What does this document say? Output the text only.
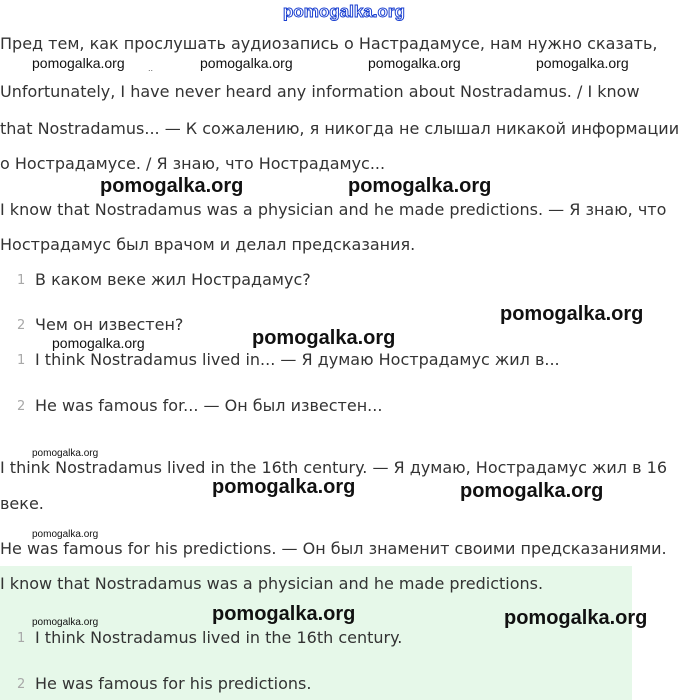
pomogalka.org
Пред тем, как прослушать аудиозапись о Настрадамусе, нам нужно сказать,
pomogalka.org	pomogalka.org	pomogalka.org	pomogalka.org
..
Unfortunately, I have never heard any information about Nostradamus. / I know
that Nostradamus... — К сожалению, я никогда не слышал никакой информации
о Нострадамусе. / Я знаю, что Нострадамус...
pomogalka.org	pomogalka.org
I know that Nostradamus was a physician and he made predictions. — Я знаю, что
Нострадамус был врачом и делал предсказания.
1 В каком веке жил Нострадамус?
pomogalka.org
2 Чем он известен?
pomogalka.org
pomogalka.org
1 I think Nostradamus lived in... — Я думаю Нострадамус жил в...
2 He was famous for... — Он был известен...
pomogalka.org
I think Nostradamus lived in the 16th century. — Я думаю, Нострадамус жил в 16
pomogalka.org	pomogalka.org
веке.
pomogalka.org
He was famous for his predictions. — Он был знаменит своими предсказаниями.
I know that Nostradamus was a physician and he made predictions.
pomogalka.org	pomogalka.org
pomogalka.org
1 I think Nostradamus lived in the 16th century.
2 He was famous for his predictions.
